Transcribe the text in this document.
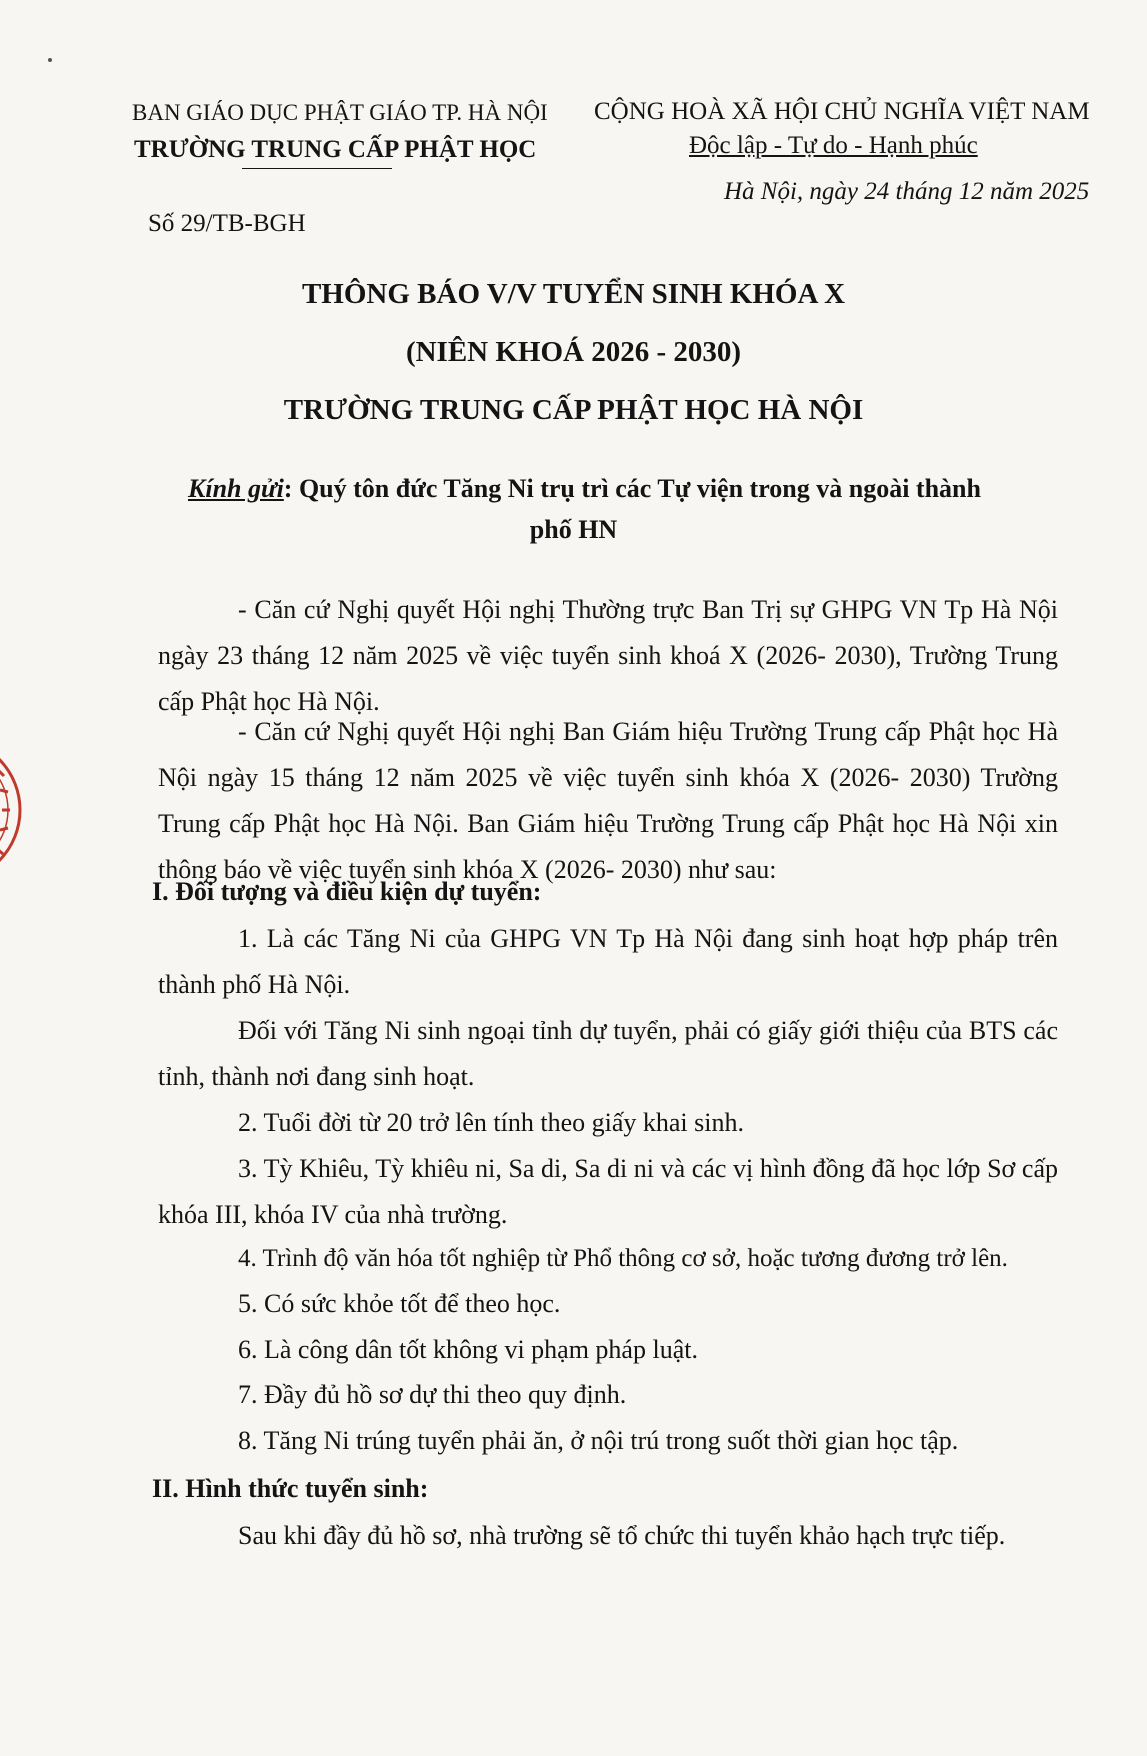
BAN GIÁO DỤC PHẬT GIÁO TP. HÀ NỘI
TRƯỜNG TRUNG CẤP PHẬT HỌC
CỘNG HOÀ XÃ HỘI CHỦ NGHĨA VIỆT NAM
Độc lập - Tự do - Hạnh phúc
Hà Nội, ngày 24 tháng 12 năm 2025
Số 29/TB-BGH
THÔNG BÁO V/V TUYỂN SINH KHÓA X
(NIÊN KHOÁ 2026 - 2030)
TRƯỜNG TRUNG CẤP PHẬT HỌC HÀ NỘI
Kính gửi: Quý tôn đức Tăng Ni trụ trì các Tự viện trong và ngoài thành
phố HN
- Căn cứ Nghị quyết Hội nghị Thường trực Ban Trị sự GHPG VN Tp Hà Nội ngày 23 tháng 12 năm 2025 về việc tuyển sinh khoá X (2026- 2030), Trường Trung cấp Phật học Hà Nội.
- Căn cứ Nghị quyết Hội nghị Ban Giám hiệu Trường Trung cấp Phật học Hà Nội ngày 15 tháng 12 năm 2025 về việc tuyển sinh khóa X (2026- 2030) Trường Trung cấp Phật học Hà Nội. Ban Giám hiệu Trường Trung cấp Phật học Hà Nội xin thông báo về việc tuyển sinh khóa X (2026- 2030) như sau:
I. Đối tượng và điều kiện dự tuyển:
1. Là các Tăng Ni của GHPG VN Tp Hà Nội đang sinh hoạt hợp pháp trên thành phố Hà Nội.
Đối với Tăng Ni sinh ngoại tỉnh dự tuyển, phải có giấy giới thiệu của BTS các tỉnh, thành nơi đang sinh hoạt.
2. Tuổi đời từ 20 trở lên tính theo giấy khai sinh.
3. Tỳ Khiêu, Tỳ khiêu ni, Sa di, Sa di ni và các vị hình đồng đã học lớp Sơ cấp khóa III, khóa IV của nhà trường.
4. Trình độ văn hóa tốt nghiệp từ Phổ thông cơ sở, hoặc tương đương trở lên.
5. Có sức khỏe tốt để theo học.
6. Là công dân tốt không vi phạm pháp luật.
7. Đầy đủ hồ sơ dự thi theo quy định.
8. Tăng Ni trúng tuyển phải ăn, ở nội trú trong suốt thời gian học tập.
II. Hình thức tuyển sinh:
Sau khi đầy đủ hồ sơ, nhà trường sẽ tổ chức thi tuyển khảo hạch trực tiếp.
